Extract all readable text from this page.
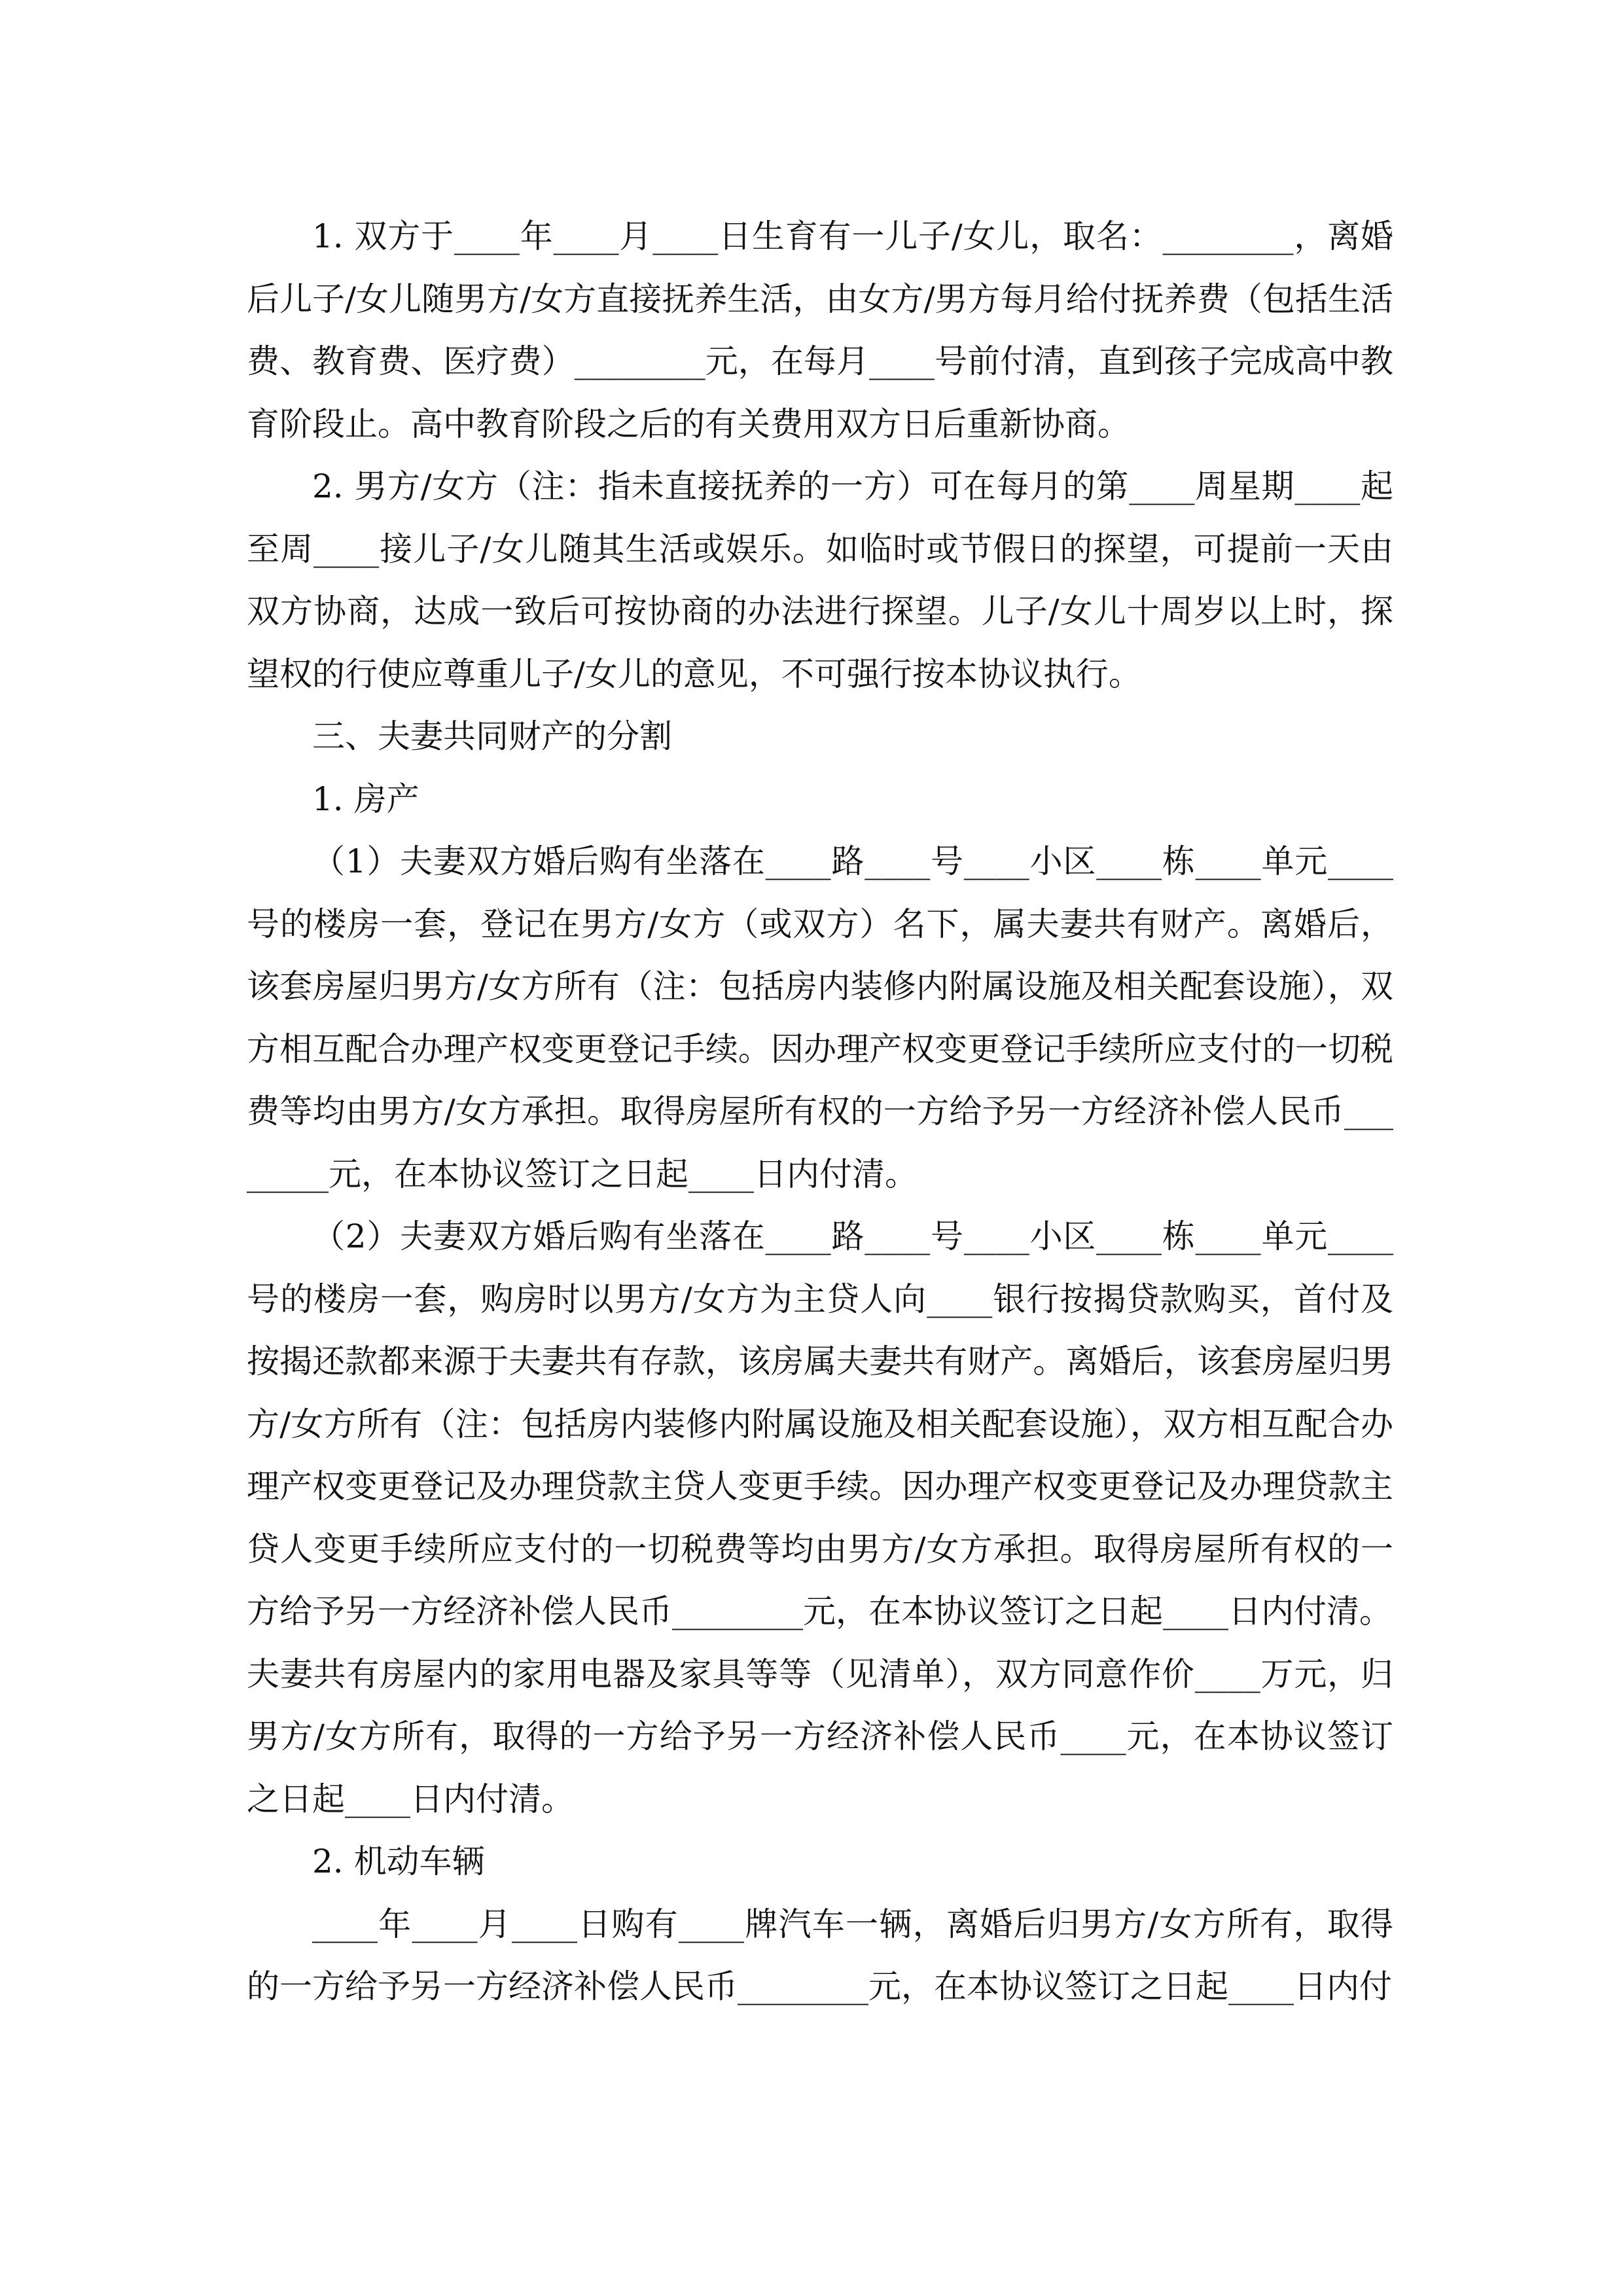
1. 双方于____年____月____日生育有一儿子/女儿，取名：________，离婚后儿子/女儿随男方/女方直接抚养生活，由女方/男方每月给付抚养费（包括生活费、教育费、医疗费）________元，在每月____号前付清，直到孩子完成高中教育阶段止。高中教育阶段之后的有关费用双方日后重新协商。

2. 男方/女方（注：指未直接抚养的一方）可在每月的第____周星期____起至周____接儿子/女儿随其生活或娱乐。如临时或节假日的探望，可提前一天由双方协商，达成一致后可按协商的办法进行探望。儿子/女儿十周岁以上时，探望权的行使应尊重儿子/女儿的意见，不可强行按本协议执行。

三、夫妻共同财产的分割

1. 房产

（1）夫妻双方婚后购有坐落在____路____号____小区____栋____单元____号的楼房一套，登记在男方/女方（或双方）名下，属夫妻共有财产。离婚后，该套房屋归男方/女方所有（注：包括房内装修内附属设施及相关配套设施），双方相互配合办理产权变更登记手续。因办理产权变更登记手续所应支付的一切税费等均由男方/女方承担。取得房屋所有权的一方给予另一方经济补偿人民币________元，在本协议签订之日起____日内付清。

（2）夫妻双方婚后购有坐落在____路____号____小区____栋____单元____号的楼房一套，购房时以男方/女方为主贷人向____银行按揭贷款购买，首付及按揭还款都来源于夫妻共有存款，该房属夫妻共有财产。离婚后，该套房屋归男方/女方所有（注：包括房内装修内附属设施及相关配套设施），双方相互配合办理产权变更登记及办理贷款主贷人变更手续。因办理产权变更登记及办理贷款主贷人变更手续所应支付的一切税费等均由男方/女方承担。取得房屋所有权的一方给予另一方经济补偿人民币________元，在本协议签订之日起____日内付清。

夫妻共有房屋内的家用电器及家具等等（见清单），双方同意作价____万元，归男方/女方所有，取得的一方给予另一方经济补偿人民币____元，在本协议签订之日起____日内付清。

2. 机动车辆

____年____月____日购有____牌汽车一辆，离婚后归男方/女方所有，取得的一方给予另一方经济补偿人民币________元，在本协议签订之日起____日内付
